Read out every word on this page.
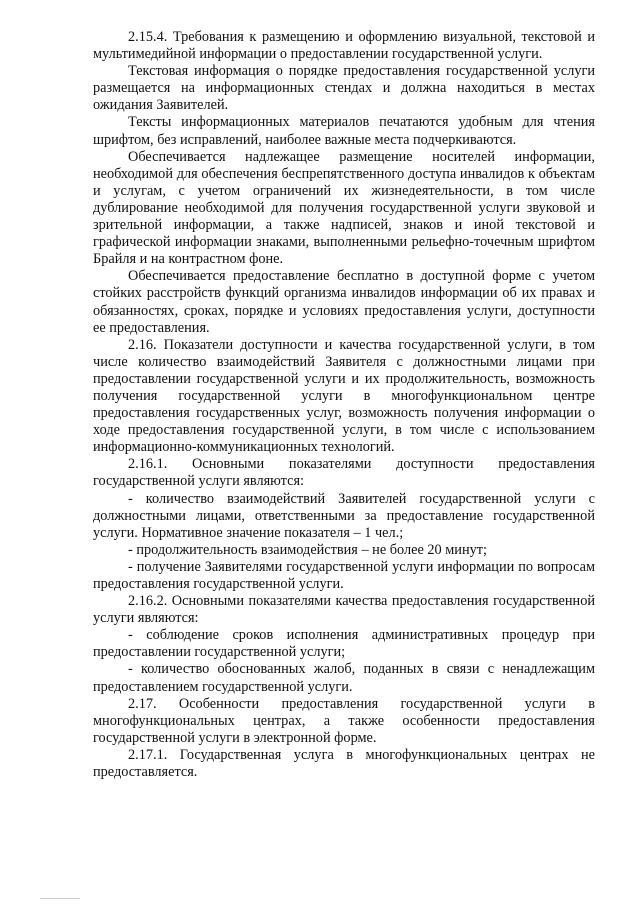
2.15.4. Требования к размещению и оформлению визуальной, текстовой и мультимедийной информации о предоставлении государственной услуги.

Текстовая информация о порядке предоставления государственной услуги размещается на информационных стендах и должна находиться в местах ожидания Заявителей.

Тексты информационных материалов печатаются удобным для чтения шрифтом, без исправлений, наиболее важные места подчеркиваются.

Обеспечивается надлежащее размещение носителей информации, необходимой для обеспечения беспрепятственного доступа инвалидов к объектам и услугам, с учетом ограничений их жизнедеятельности, в том числе дублирование необходимой для получения государственной услуги звуковой и зрительной информации, а также надписей, знаков и иной текстовой и графической информации знаками, выполненными рельефно-точечным шрифтом Брайля и на контрастном фоне.

Обеспечивается предоставление бесплатно в доступной форме с учетом стойких расстройств функций организма инвалидов информации об их правах и обязанностях, сроках, порядке и условиях предоставления услуги, доступности ее предоставления.

2.16. Показатели доступности и качества государственной услуги, в том числе количество взаимодействий Заявителя с должностными лицами при предоставлении государственной услуги и их продолжительность, возможность получения государственной услуги в многофункциональном центре предоставления государственных услуг, возможность получения информации о ходе предоставления государственной услуги, в том числе с использованием информационно-коммуникационных технологий.

2.16.1. Основными показателями доступности предоставления государственной услуги являются:

- количество взаимодействий Заявителей государственной услуги с должностными лицами, ответственными за предоставление государственной услуги. Нормативное значение показателя – 1 чел.;

- продолжительность взаимодействия – не более 20 минут;

- получение Заявителями государственной услуги информации по вопросам предоставления государственной услуги.

2.16.2. Основными показателями качества предоставления государственной услуги являются:

- соблюдение сроков исполнения административных процедур при предоставлении государственной услуги;

- количество обоснованных жалоб, поданных в связи с ненадлежащим предоставлением государственной услуги.

2.17. Особенности предоставления государственной услуги в многофункциональных центрах, а также особенности предоставления государственной услуги в электронной форме.

2.17.1. Государственная услуга в многофункциональных центрах не предоставляется.
